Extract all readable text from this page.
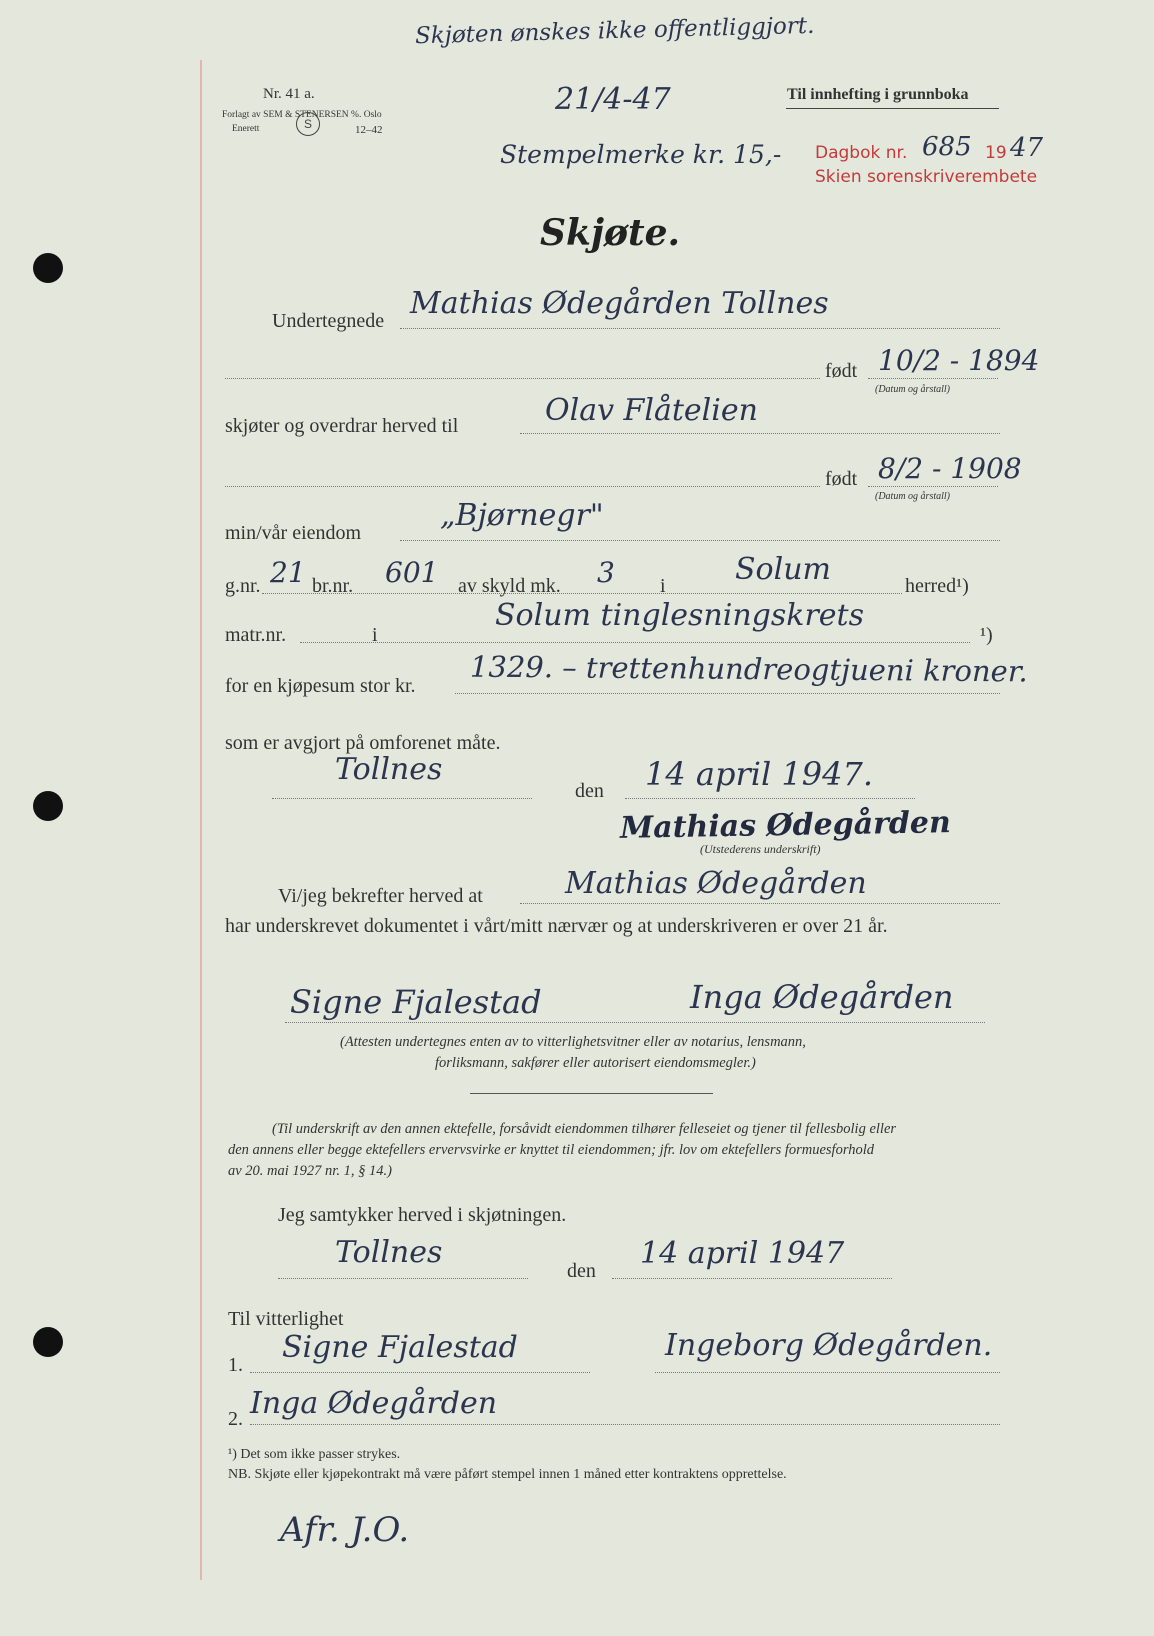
Skjøten ønskes ikke offentliggjort.
Nr. 41 a.
Forlagt av SEM & STENERSEN %. Oslo
Enerett	S	12–42
21/4-47	Til innhefting i grunnboka
Stempelmerke kr. 15,- Dagbok nr. 685 19 47
Skien sorenskriverembete
Skjøte.
Undertegnede Mathias Ødegården Tollnes
født 10/2 - 1894
(Datum og årstall)
skjøter og overdrar herved til	Olav Flåtelien
født 8/2 - 1908
(Datum og årstall)
min/vår eiendom	„Bjørnegr"
g.nr. 21 br.nr. 601 av skyld mk. 3 i Solum	herred¹)
matr.nr.	i
Solum tinglesningskrets
¹)
for en kjøpesum stor kr. 1329. – trettenhundreogtjueni kroner.
som er avgjort på omforenet måte.
Tollnes
den 14 april 1947.
Mathias Ødegården
(Utstederens underskrift)
Vi/jeg bekrefter herved at	Mathias Ødegården
har underskrevet dokumentet i vårt/mitt nærvær og at underskriveren er over 21 år.
Signe Fjalestad	Inga Ødegården
(Attesten undertegnes enten av to vitterlighetsvitner eller av notarius, lensmann,
forliksmann, sakfører eller autorisert eiendomsmegler.)
(Til underskrift av den annen ektefelle, forsåvidt eiendommen tilhører felleseiet og tjener til fellesbolig eller
den annens eller begge ektefellers ervervsvirke er knyttet til eiendommen; jfr. lov om ektefellers formuesforhold
av 20. mai 1927 nr. 1, § 14.)
Jeg samtykker herved i skjøtningen.
Tollnes
den 14 april 1947
Til vitterlighet
1. Signe Fjalestad	Ingeborg Ødegården.
2. Inga Ødegården
¹) Det som ikke passer strykes.
NB. Skjøte eller kjøpekontrakt må være påført stempel innen 1 måned etter kontraktens opprettelse.
Afr. J.O.
